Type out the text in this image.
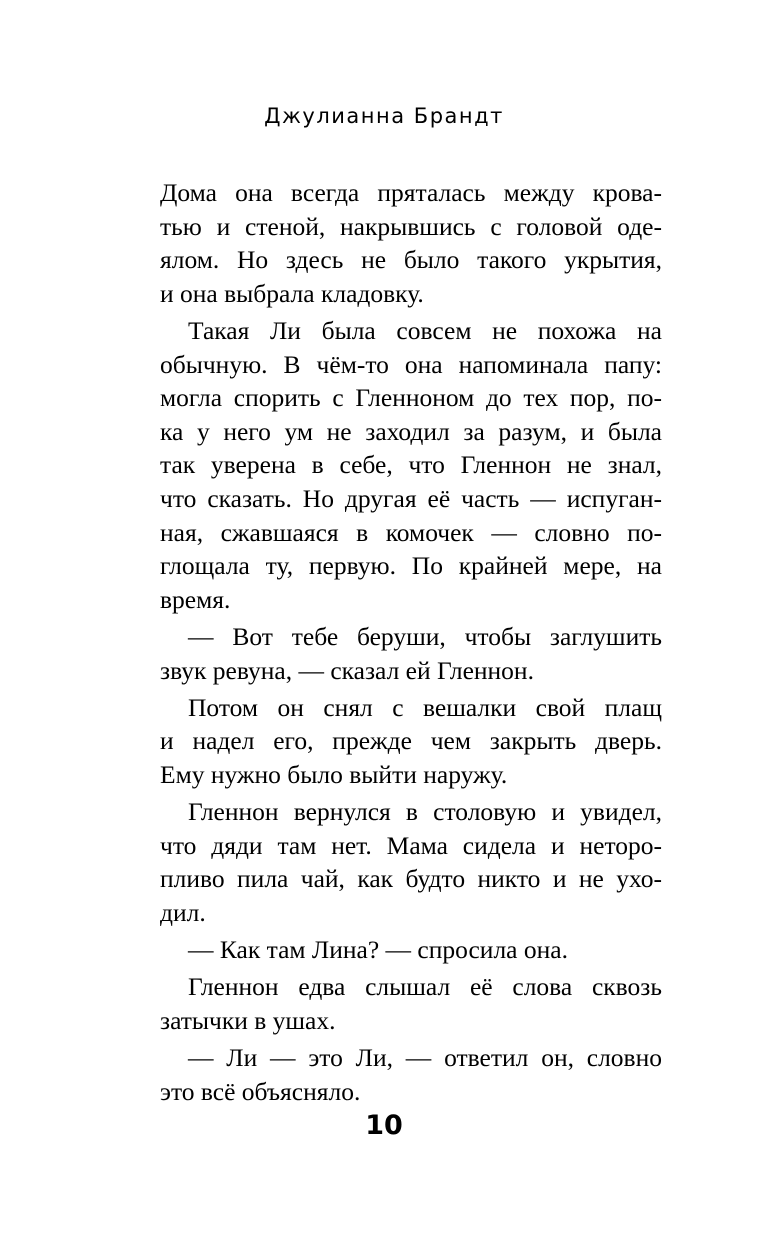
Джулианна Брандт
Дома она всегда пряталась между крова-
тью и стеной, накрывшись с головой оде-
ялом. Но здесь не было такого укрытия,
и она выбрала кладовку.
Такая Ли была совсем не похожа на
обычную. В чём-то она напоминала папу:
могла спорить с Гленноном до тех пор, по-
ка у него ум не заходил за разум, и была
так уверена в себе, что Гленнон не знал,
что сказать. Но другая её часть — испуган-
ная, сжавшаяся в комочек — словно по-
глощала ту, первую. По крайней мере, на
время.
— Вот тебе беруши, чтобы заглушить
звук ревуна, — сказал ей Гленнон.
Потом он снял с вешалки свой плащ
и надел его, прежде чем закрыть дверь.
Ему нужно было выйти наружу.
Гленнон вернулся в столовую и увидел,
что дяди там нет. Мама сидела и неторо-
пливо пила чай, как будто никто и не ухо-
дил.
— Как там Лина? — спросила она.
Гленнон едва слышал её слова сквозь
затычки в ушах.
— Ли — это Ли, — ответил он, словно
это всё объясняло.
10
